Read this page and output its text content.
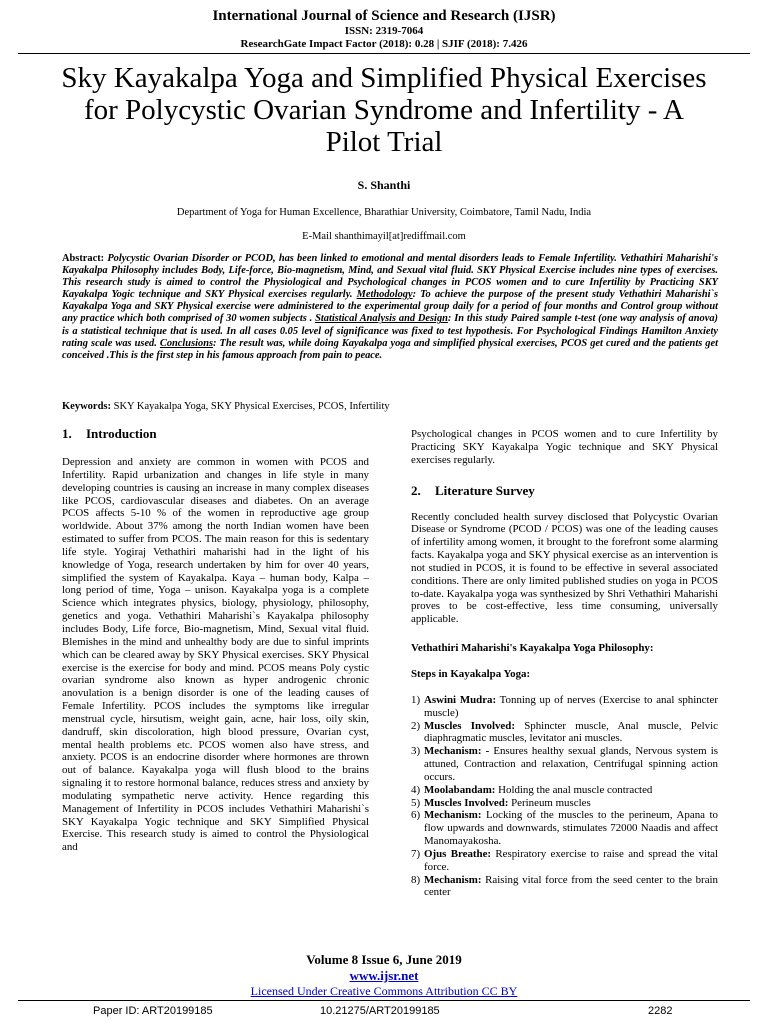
International Journal of Science and Research (IJSR)
ISSN: 2319-7064
ResearchGate Impact Factor (2018): 0.28 | SJIF (2018): 7.426
Sky Kayakalpa Yoga and Simplified Physical Exercises for Polycystic Ovarian Syndrome and Infertility - A Pilot Trial
S. Shanthi
Department of Yoga for Human Excellence, Bharathiar University, Coimbatore, Tamil Nadu, India
E-Mail shanthimayil[at]rediffmail.com
Abstract: Polycystic Ovarian Disorder or PCOD, has been linked to emotional and mental disorders leads to Female Infertility. Vethathiri Maharishi's Kayakalpa Philosophy includes Body, Life-force, Bio-magnetism, Mind, and Sexual vital fluid. SKY Physical Exercise includes nine types of exercises. This research study is aimed to control the Physiological and Psychological changes in PCOS women and to cure Infertility by Practicing SKY Kayakalpa Yogic technique and SKY Physical exercises regularly. Methodology: To achieve the purpose of the present study Vethathiri Maharishi`s Kayakalpa Yoga and SKY Physical exercise were administered to the experimental group daily for a period of four months and Control group without any practice which both comprised of 30 women subjects . Statistical Analysis and Design: In this study Paired sample t-test (one way analysis of anova) is a statistical technique that is used. In all cases 0.05 level of significance was fixed to test hypothesis. For Psychological Findings Hamilton Anxiety rating scale was used. Conclusions: The result was, while doing Kayakalpa yoga and simplified physical exercises, PCOS get cured and the patients get conceived .This is the first step in his famous approach from pain to peace.
Keywords: SKY Kayakalpa Yoga, SKY Physical Exercises, PCOS, Infertility
1. Introduction
Depression and anxiety are common in women with PCOS and Infertility. Rapid urbanization and changes in life style in many developing countries is causing an increase in many complex diseases like PCOS, cardiovascular diseases and diabetes. On an average PCOS affects 5-10 % of the women in reproductive age group worldwide. About 37% among the north Indian women have been estimated to suffer from PCOS. The main reason for this is sedentary life style. Yogiraj Vethathiri maharishi had in the light of his knowledge of Yoga, research undertaken by him for over 40 years, simplified the system of Kayakalpa. Kaya – human body, Kalpa – long period of time, Yoga – unison. Kayakalpa yoga is a complete Science which integrates physics, biology, physiology, philosophy, genetics and yoga. Vethathiri Maharishi`s Kayakalpa philosophy includes Body, Life force, Bio-magnetism, Mind, Sexual vital fluid. Blemishes in the mind and unhealthy body are due to sinful imprints which can be cleared away by SKY Physical exercises. SKY Physical exercise is the exercise for body and mind. PCOS means Poly cystic ovarian syndrome also known as hyper androgenic chronic anovulation is a benign disorder is one of the leading causes of Female Infertility. PCOS includes the symptoms like irregular menstrual cycle, hirsutism, weight gain, acne, hair loss, oily skin, dandruff, skin discoloration, high blood pressure, Ovarian cyst, mental health problems etc. PCOS women also have stress, and anxiety. PCOS is an endocrine disorder where hormones are thrown out of balance. Kayakalpa yoga will flush blood to the brains signaling it to restore hormonal balance, reduces stress and anxiety by modulating sympathetic nerve activity. Hence regarding this Management of Infertility in PCOS includes Vethathiri Maharishi`s SKY Kayakalpa Yogic technique and SKY Simplified Physical Exercise. This research study is aimed to control the Physiological and
Psychological changes in PCOS women and to cure Infertility by Practicing SKY Kayakalpa Yogic technique and SKY Physical exercises regularly.
2. Literature Survey
Recently concluded health survey disclosed that Polycystic Ovarian Disease or Syndrome (PCOD / PCOS) was one of the leading causes of infertility among women, it brought to the forefront some alarming facts. Kayakalpa yoga and SKY physical exercise as an intervention is not studied in PCOS, it is found to be effective in several associated conditions. There are only limited published studies on yoga in PCOS to-date. Kayakalpa yoga was synthesized by Shri Vethathiri Maharishi proves to be cost-effective, less time consuming, universally applicable.
Vethathiri Maharishi's Kayakalpa Yoga Philosophy:
Steps in Kayakalpa Yoga:
1) Aswini Mudra: Tonning up of nerves (Exercise to anal sphincter muscle)
2) Muscles Involved: Sphincter muscle, Anal muscle, Pelvic diaphragmatic muscles, levitator ani muscles.
3) Mechanism: - Ensures healthy sexual glands, Nervous system is attuned, Contraction and relaxation, Centrifugal spinning action occurs.
4) Moolabandam: Holding the anal muscle contracted
5) Muscles Involved: Perineum muscles
6) Mechanism: Locking of the muscles to the perineum, Apana to flow upwards and downwards, stimulates 72000 Naadis and affect Manomayakosha.
7) Ojus Breathe: Respiratory exercise to raise and spread the vital force.
8) Mechanism: Raising vital force from the seed center to the brain center
Volume 8 Issue 6, June 2019
www.ijsr.net
Licensed Under Creative Commons Attribution CC BY
Paper ID: ART20199185	10.21275/ART20199185	2282
